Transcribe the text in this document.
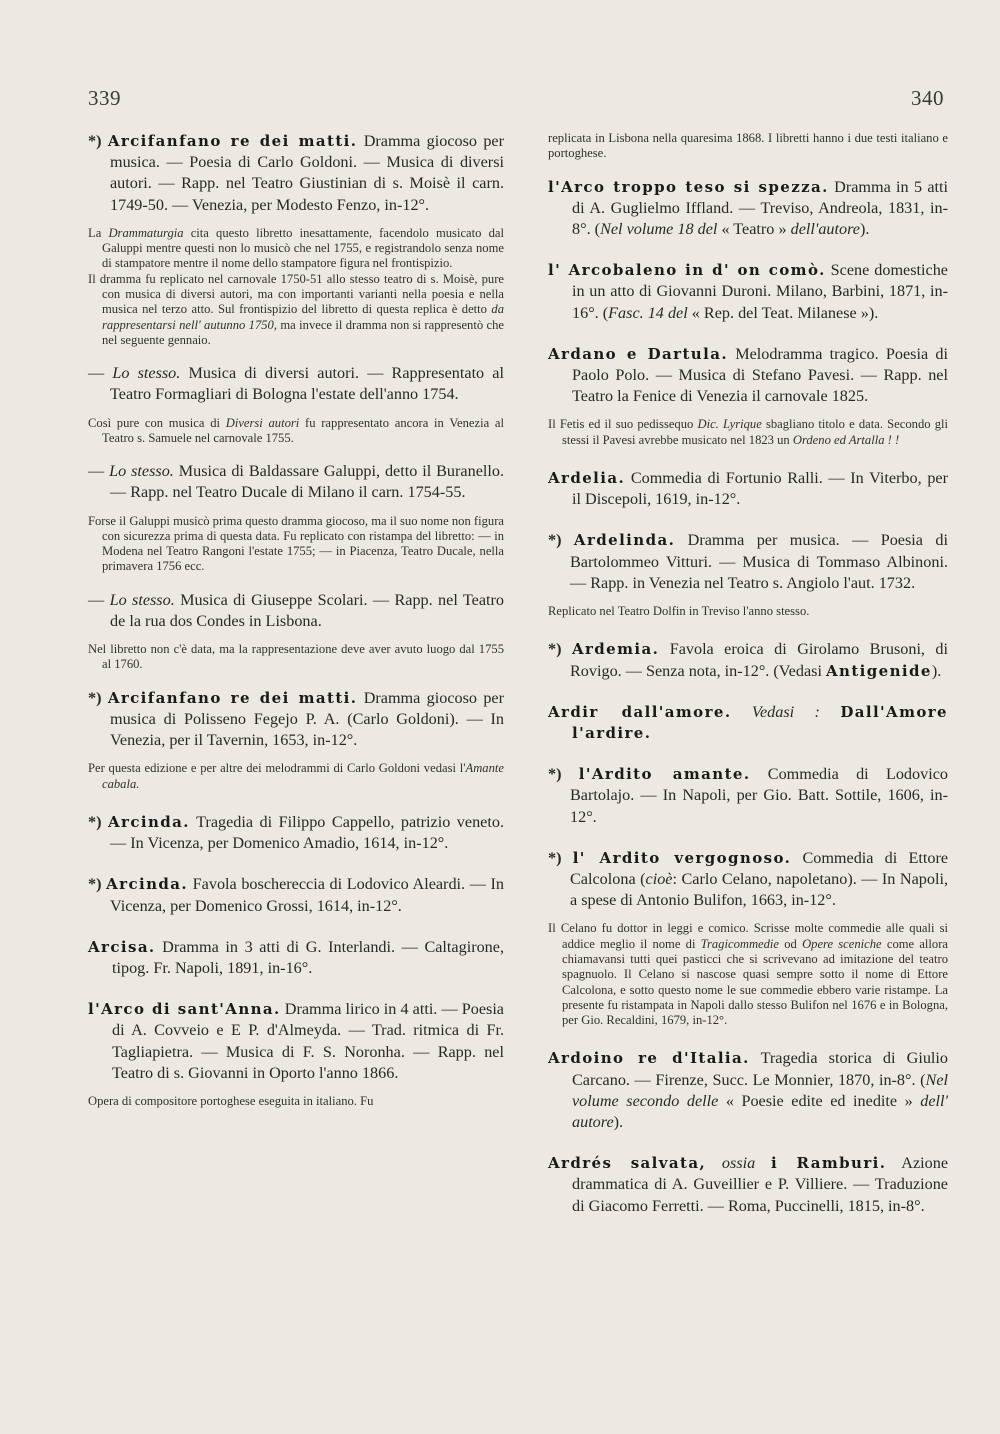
339	340

*) Arcifanfano re dei matti. Dramma giocoso per musica. — Poesia di Carlo Goldoni. — Musica di diversi autori. — Rapp. nel Teatro Giustinian di s. Moisè il carn. 1749-50. — Venezia, per Modesto Fenzo, in-12°.

La Drammaturgia cita questo libretto inesattamente, facendolo musicato dal Galuppi mentre questi non lo musicò che nel 1755, e registrandolo senza nome di stampatore mentre il nome dello stampatore figura nel frontispizio.

Il dramma fu replicato nel carnovale 1750-51 allo stesso teatro di s. Moisè, pure con musica di diversi autori, ma con importanti varianti nella poesia e nella musica nel terzo atto. Sul frontispizio del libretto di questa replica è detto da rappresentarsi nell' autunno 1750, ma invece il dramma non si rappresentò che nel seguente gennaio.

— Lo stesso. Musica di diversi autori. — Rappresentato al Teatro Formagliari di Bologna l'estate dell'anno 1754.

Così pure con musica di Diversi autori fu rappresentato ancora in Venezia al Teatro s. Samuele nel carnovale 1755.

— Lo stesso. Musica di Baldassare Galuppi, detto il Buranello. — Rapp. nel Teatro Ducale di Milano il carn. 1754-55.

Forse il Galuppi musicò prima questo dramma giocoso, ma il suo nome non figura con sicurezza prima di questa data. Fu replicato con ristampa del libretto: — in Modena nel Teatro Rangoni l'estate 1755; — in Piacenza, Teatro Ducale, nella primavera 1756 ecc.

— Lo stesso. Musica di Giuseppe Scolari. — Rapp. nel Teatro de la rua dos Condes in Lisbona.

Nel libretto non c'è data, ma la rappresentazione deve aver avuto luogo dal 1755 al 1760.

*) Arcifanfano re dei matti. Dramma giocoso per musica di Polisseno Fegejo P. A. (Carlo Goldoni). — In Venezia, per il Tavernin, 1653, in-12°.

Per questa edizione e per altre dei melodrammi di Carlo Goldoni vedasi l'Amante cabala.

*) Arcinda. Tragedia di Filippo Cappello, patrizio veneto. — In Vicenza, per Domenico Amadio, 1614, in-12°.

*) Arcinda. Favola boschereccia di Lodovico Aleardi. — In Vicenza, per Domenico Grossi, 1614, in-12°.

Arcisa. Dramma in 3 atti di G. Interlandi. — Caltagirone, tipog. Fr. Napoli, 1891, in-16°.

l'Arco di sant'Anna. Dramma lirico in 4 atti. — Poesia di A. Covveio e E P. d'Almeyda. — Trad. ritmica di Fr. Tagliapietra. — Musica di F. S. Noronha. — Rapp. nel Teatro di s. Giovanni in Oporto l'anno 1866.

Opera di compositore portoghese eseguita in italiano. Fu

replicata in Lisbona nella quaresima 1868. I libretti hanno i due testi italiano e portoghese.

l'Arco troppo teso si spezza. Dramma in 5 atti di A. Guglielmo Iffland. — Treviso, Andreola, 1831, in-8°. (Nel volume 18 del « Teatro » dell'autore).

l' Arcobaleno in d' on comò. Scene domestiche in un atto di Giovanni Duroni. Milano, Barbini, 1871, in-16°. (Fasc. 14 del « Rep. del Teat. Milanese »).

Ardano e Dartula. Melodramma tragico. Poesia di Paolo Polo. — Musica di Stefano Pavesi. — Rapp. nel Teatro la Fenice di Venezia il carnovale 1825.

Il Fetis ed il suo pedissequo Dic. Lyrique sbagliano titolo e data. Secondo gli stessi il Pavesi avrebbe musicato nel 1823 un Ordeno ed Artalla ! !

Ardelia. Commedia di Fortunio Ralli. — In Viterbo, per il Discepoli, 1619, in-12°.

*) Ardelinda. Dramma per musica. — Poesia di Bartolommeo Vitturi. — Musica di Tommaso Albinoni. — Rapp. in Venezia nel Teatro s. Angiolo l'aut. 1732.

Replicato nel Teatro Dolfin in Treviso l'anno stesso.

*) Ardemia. Favola eroica di Girolamo Brusoni, di Rovigo. — Senza nota, in-12°. (Vedasi Antigenide).

Ardir dall'amore. Vedasi : Dall'Amore l'ardire.

*) l'Ardito amante. Commedia di Lodovico Bartolajo. — In Napoli, per Gio. Batt. Sottile, 1606, in-12°.

*) l' Ardito vergognoso. Commedia di Ettore Calcolona (cioè: Carlo Celano, napoletano). — In Napoli, a spese di Antonio Bulifon, 1663, in-12°.

Il Celano fu dottor in leggi e comico. Scrisse molte commedie alle quali si addice meglio il nome di Tragicommedie od Opere sceniche come allora chiamavansi tutti quei pasticci che si scrivevano ad imitazione del teatro spagnuolo. Il Celano si nascose quasi sempre sotto il nome di Ettore Calcolona, e sotto questo nome le sue commedie ebbero varie ristampe. La presente fu ristampata in Napoli dallo stesso Bulifon nel 1676 e in Bologna, per Gio. Recaldini, 1679, in-12°.

Ardoino re d'Italia. Tragedia storica di Giulio Carcano. — Firenze, Succ. Le Monnier, 1870, in-8°. (Nel volume secondo delle « Poesie edite ed inedite » dell' autore).

Ardrés salvata, ossia i Ramburi. Azione drammatica di A. Guveillier e P. Villiere. — Traduzione di Giacomo Ferretti. — Roma, Puccinelli, 1815, in-8°.
